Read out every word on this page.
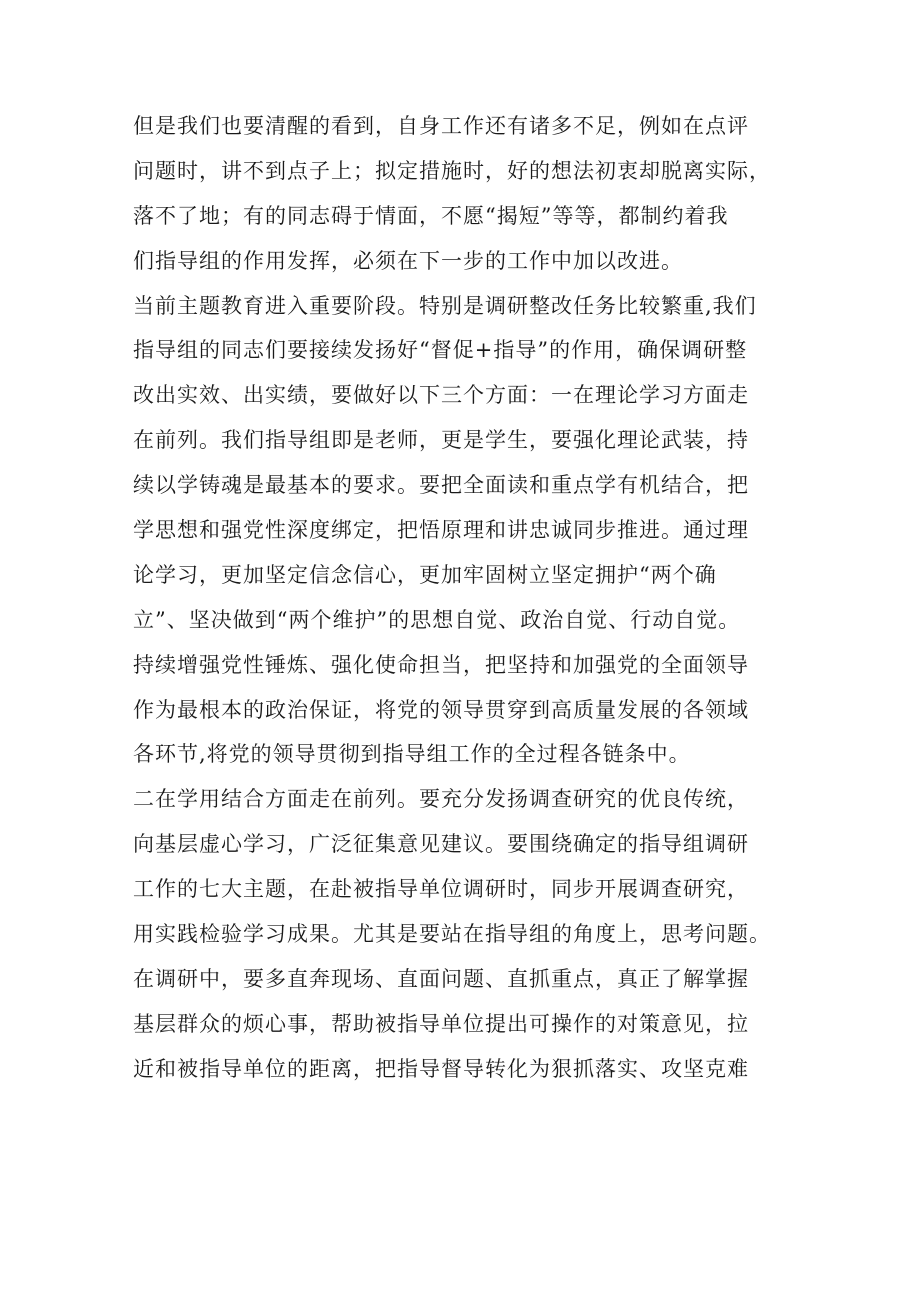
但是我们也要清醒的看到，自身工作还有诸多不足，例如在点评
问题时，讲不到点子上；拟定措施时，好的想法初衷却脱离实际，
落不了地；有的同志碍于情面，不愿“揭短”等等，都制约着我
们指导组的作用发挥，必须在下一步的工作中加以改进。
当前主题教育进入重要阶段。特别是调研整改任务比较繁重,我们
指导组的同志们要接续发扬好“督促+指导”的作用，确保调研整
改出实效、出实绩，要做好以下三个方面：一在理论学习方面走
在前列。我们指导组即是老师，更是学生，要强化理论武装，持
续以学铸魂是最基本的要求。要把全面读和重点学有机结合，把
学思想和强党性深度绑定，把悟原理和讲忠诚同步推进。通过理
论学习，更加坚定信念信心，更加牢固树立坚定拥护“两个确
立”、坚决做到“两个维护”的思想自觉、政治自觉、行动自觉。
持续增强党性锤炼、强化使命担当，把坚持和加强党的全面领导
作为最根本的政治保证，将党的领导贯穿到高质量发展的各领域
各环节,将党的领导贯彻到指导组工作的全过程各链条中。
二在学用结合方面走在前列。要充分发扬调查研究的优良传统，
向基层虚心学习，广泛征集意见建议。要围绕确定的指导组调研
工作的七大主题，在赴被指导单位调研时，同步开展调查研究，
用实践检验学习成果。尤其是要站在指导组的角度上，思考问题。
在调研中，要多直奔现场、直面问题、直抓重点，真正了解掌握
基层群众的烦心事，帮助被指导单位提出可操作的对策意见，拉
近和被指导单位的距离，把指导督导转化为狠抓落实、攻坚克难
